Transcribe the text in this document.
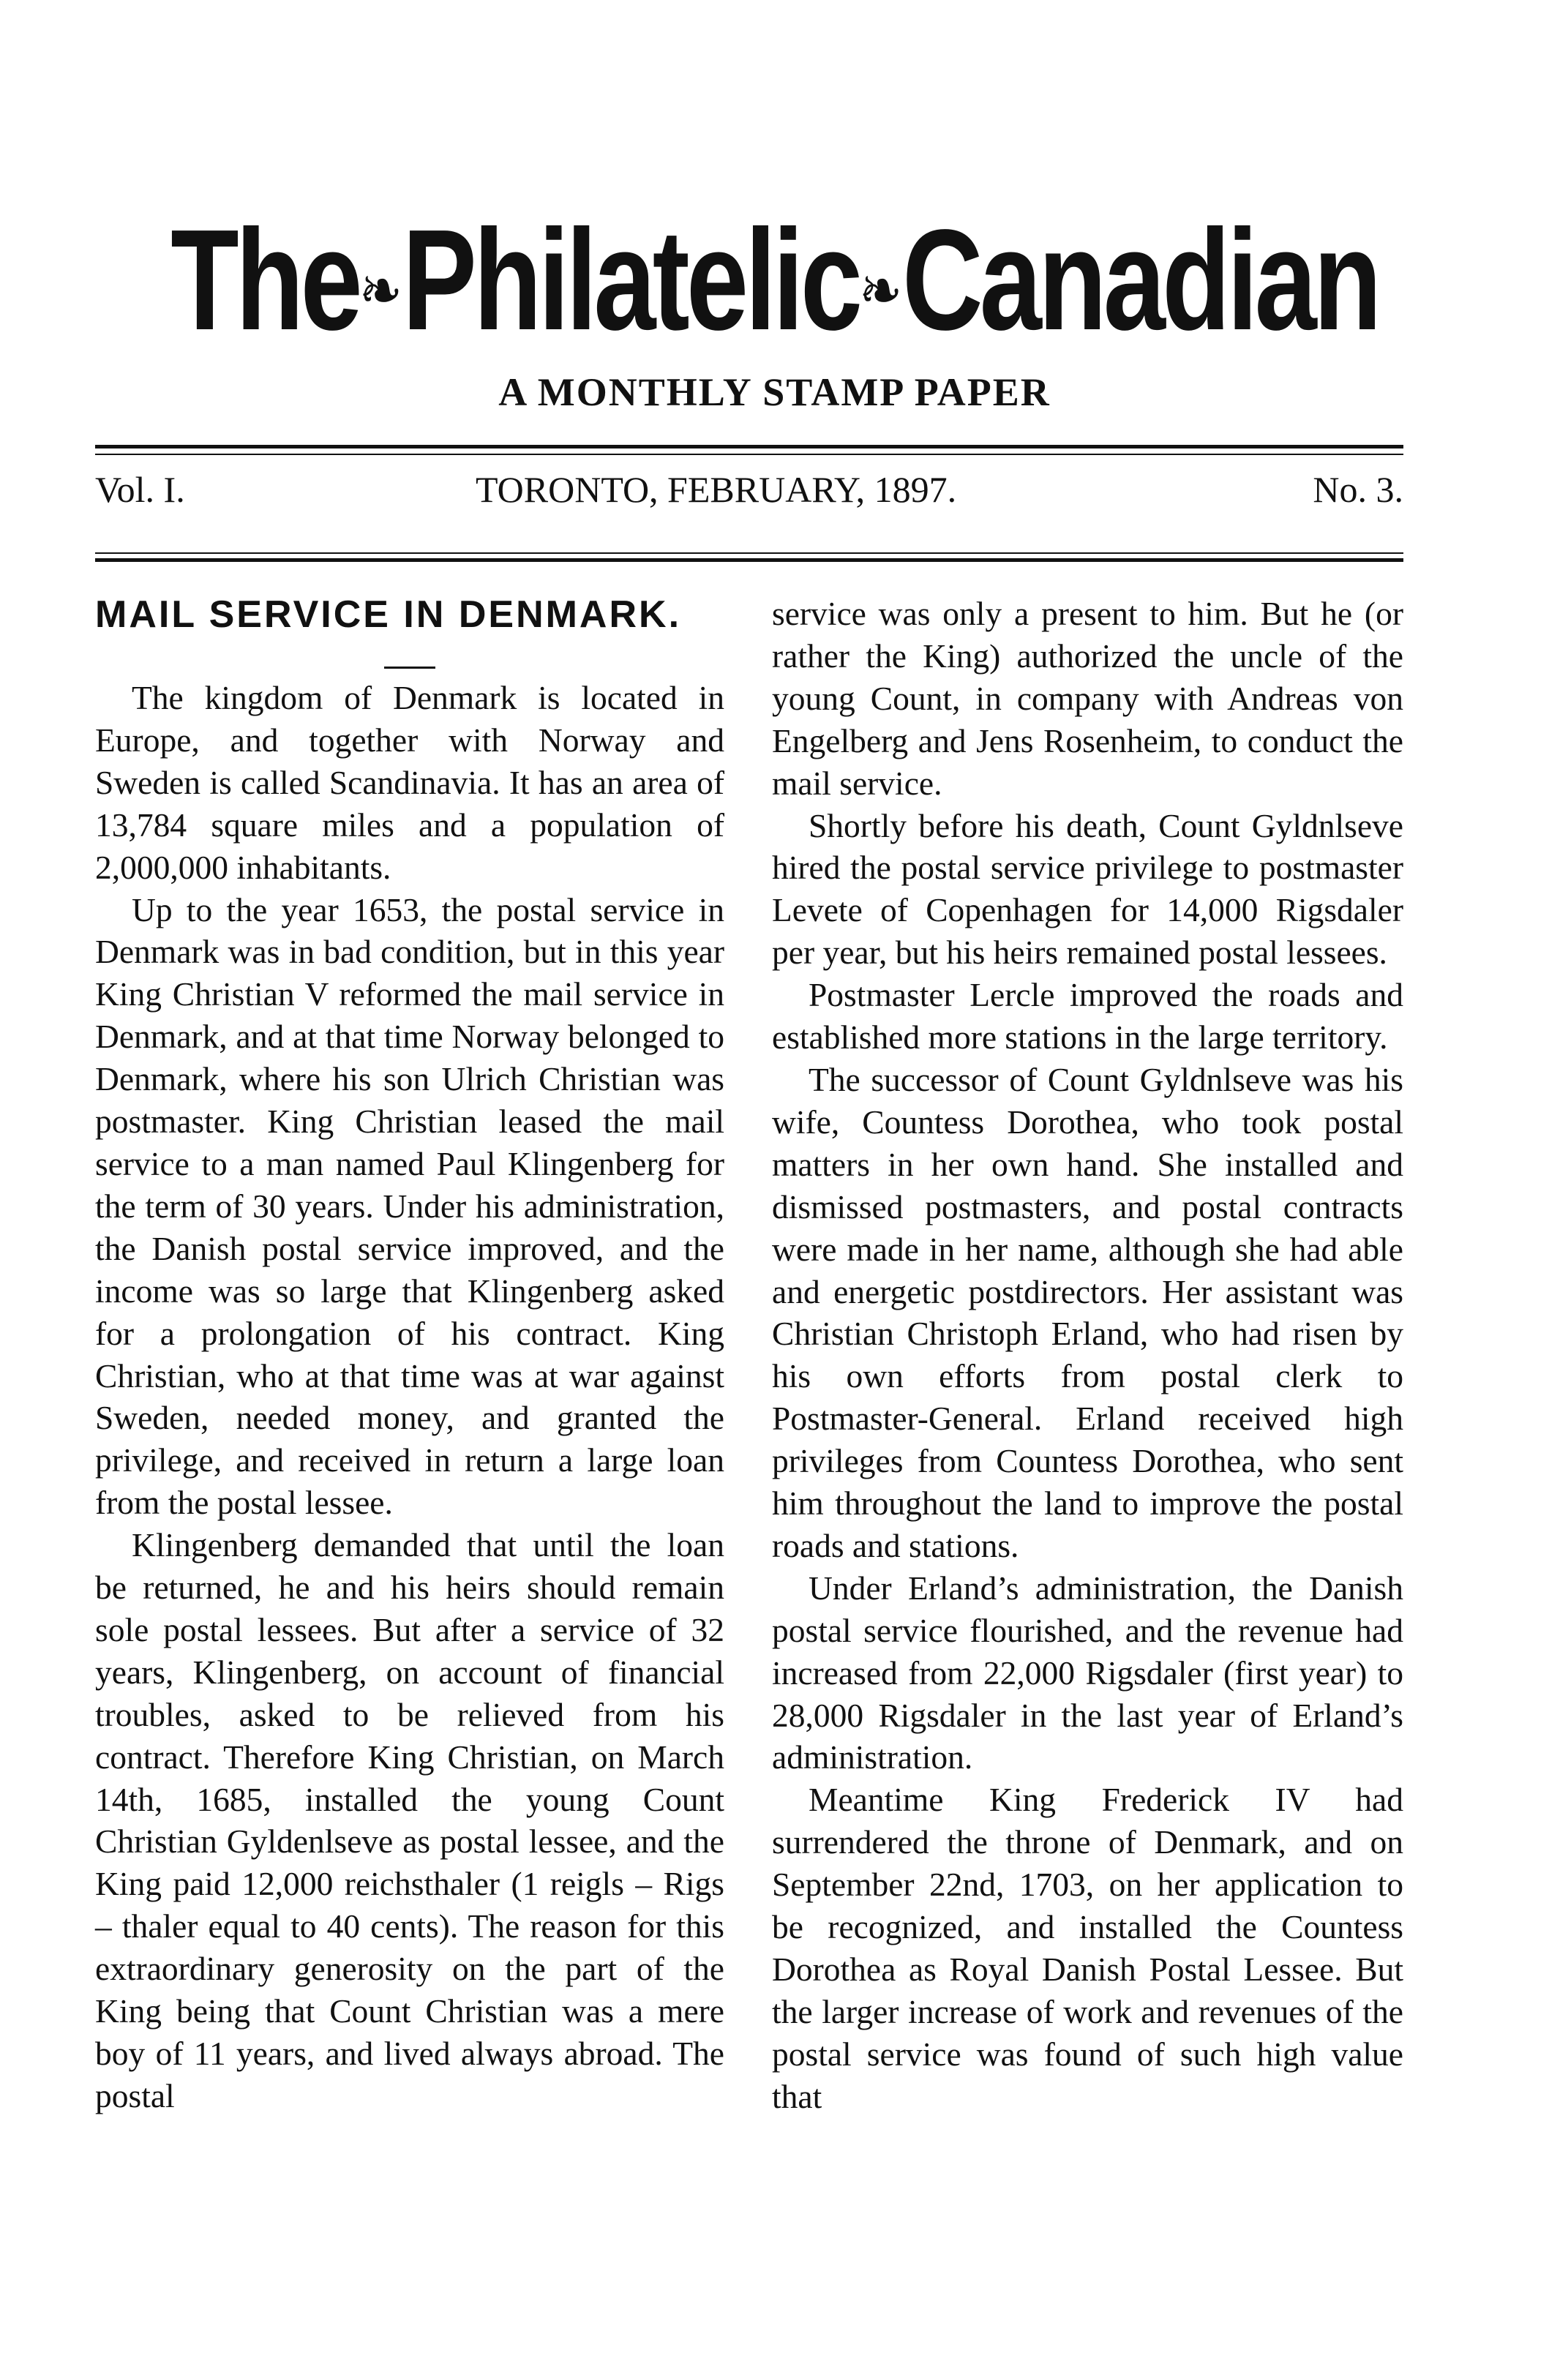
The❧Philatelic❧Canadian
A MONTHLY STAMP PAPER
Vol. I.	TORONTO, FEBRUARY, 1897.	No. 3.
MAIL SERVICE IN DENMARK.

The kingdom of Denmark is located in Europe, and together with Norway and Sweden is called Scandinavia. It has an area of 13,784 square miles and a population of 2,000,000 inhabitants.

Up to the year 1653, the postal service in Denmark was in bad condition, but in this year King Christian V reformed the mail service in Denmark, and at that time Norway belonged to Denmark, where his son Ulrich Christian was postmaster. King Christian leased the mail service to a man named Paul Klingenberg for the term of 30 years. Under his administration, the Danish postal service improved, and the income was so large that Klingenberg asked for a prolongation of his contract. King Christian, who at that time was at war against Sweden, needed money, and granted the privilege, and received in return a large loan from the postal lessee.

Klingenberg demanded that until the loan be returned, he and his heirs should remain sole postal lessees. But after a service of 32 years, Klingenberg, on account of financial troubles, asked to be relieved from his contract. Therefore King Christian, on March 14th, 1685, installed the young Count Christian Gyldenlseve as postal lessee, and the King paid 12,000 reichsthaler (1 reigls – Rigs – thaler equal to 40 cents). The reason for this extraordinary generosity on the part of the King being that Count Christian was a mere boy of 11 years, and lived always abroad. The postal

service was only a present to him. But he (or rather the King) authorized the uncle of the young Count, in company with Andreas von Engelberg and Jens Rosenheim, to conduct the mail service.

Shortly before his death, Count Gyldnlseve hired the postal service privilege to postmaster Levete of Copenhagen for 14,000 Rigsdaler per year, but his heirs remained postal lessees.

Postmaster Lercle improved the roads and established more stations in the large territory.

The successor of Count Gyldnlseve was his wife, Countess Dorothea, who took postal matters in her own hand. She installed and dismissed postmasters, and postal contracts were made in her name, although she had able and energetic postdirectors. Her assistant was Christian Christoph Erland, who had risen by his own efforts from postal clerk to Postmaster-General. Erland received high privileges from Countess Dorothea, who sent him throughout the land to improve the postal roads and stations.

Under Erland’s administration, the Danish postal service flourished, and the revenue had increased from 22,000 Rigsdaler (first year) to 28,000 Rigsdaler in the last year of Erland’s administration.

Meantime King Frederick IV had surrendered the throne of Denmark, and on September 22nd, 1703, on her application to be recognized, and installed the Countess Dorothea as Royal Danish Postal Lessee. But the larger increase of work and revenues of the postal service was found of such high value that
